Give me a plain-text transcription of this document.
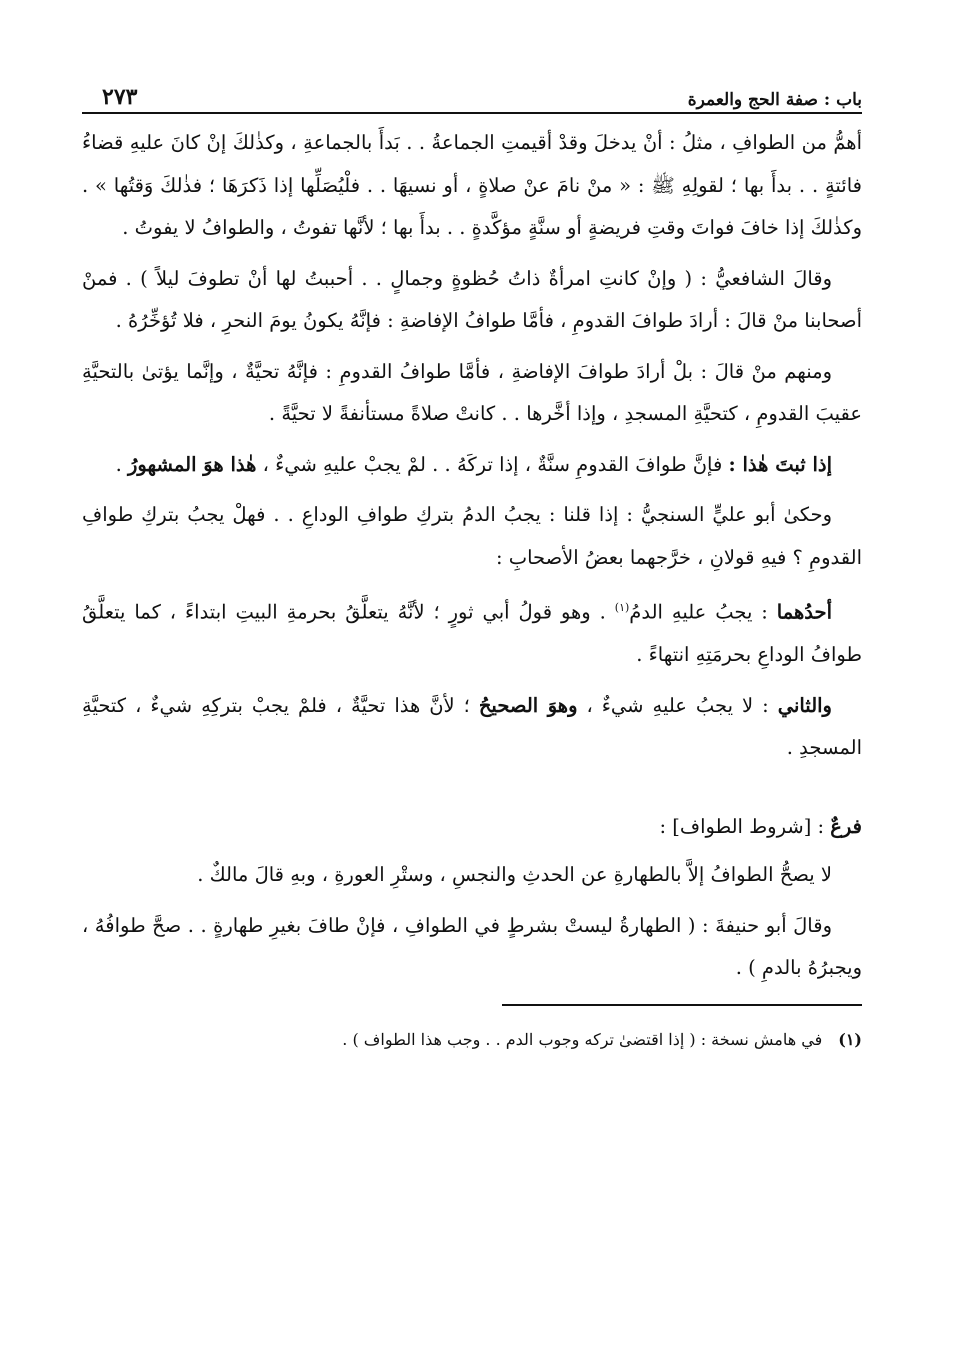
باب : صفة الحج والعمرة
٢٧٣

أهمُّ من الطوافِ ، مثلُ : أنْ يدخلَ وقدْ أقيمتِ الجماعةُ . . بَدأَ بالجماعةِ ، وكذٰلكَ إنْ كانَ عليهِ قضاءُ فائتةٍ . . بدأَ بها ؛ لقولِهِ ﷺ : « منْ نامَ عنْ صلاةٍ ، أو نسيهَا . . فلْيُصَلِّها إذا ذَكرَهَا ؛ فذٰلكَ وَقتُها » . وكذٰلكَ إذا خافَ فواتَ وقتِ فريضةٍ أو سنَّةٍ مؤكَّدةٍ . . بدأَ بها ؛ لأنَّها تفوتُ ، والطوافُ لا يفوتُ .

وقالَ الشافعيُّ : ( وإنْ كانتِ امرأةٌ ذاتُ حُظوةٍ وجمالٍ . . أحببتُ لها أنْ تطوفَ ليلاً ) . فمنْ أصحابنا منْ قالَ : أرادَ طوافَ القدومِ ، فأمَّا طوافُ الإفاضةِ : فإنَّهُ يكونُ يومَ النحرِ ، فلا تُؤخِّرُهُ .

ومنهم منْ قالَ : بلْ أرادَ طوافَ الإفاضةِ ، فأمَّا طوافُ القدومِ : فإنَّهُ تحيَّةٌ ، وإنَّما يؤتىٰ بالتحيَّةِ عقيبَ القدومِ ، كتحيَّةِ المسجدِ ، وإذا أخَّرها . . كانتْ صلاةً مستأنفةً لا تحيَّةً .

إذا ثبتَ هٰذا : فإنَّ طوافَ القدومِ سنَّةٌ ، إذا تركَهُ . . لمْ يجبْ عليهِ شيءٌ ، هٰذا هوَ المشهورُ .

وحكىٰ أبو عليٍّ السنجيُّ : إذا قلنا : يجبُ الدمُ بتركِ طوافِ الوداعِ . . فهلْ يجبُ بتركِ طوافِ القدومِ ؟ فيهِ قولانِ ، خرَّجهما بعضُ الأصحابِ :

أحدُهما : يجبُ عليهِ الدمُ$^{(١)}$ . وهو قولُ أبي ثورٍ ؛ لأنَّهُ يتعلَّقُ بحرمةِ البيتِ ابتداءً ، كما يتعلَّقُ طوافُ الوداعِ بحرمَتِهِ انتهاءً .

والثاني : لا يجبُ عليهِ شيءٌ ، وهوَ الصحيحُ ؛ لأنَّ هذا تحيَّةٌ ، فلمْ يجبْ بتركِهِ شيءٌ ، كتحيَّةِ المسجدِ .

فرعٌ : [شروط الطواف] :

لا يصحُّ الطوافُ إلاَّ بالطهارةِ عن الحدثِ والنجسِ ، وستْرِ العورةِ ، وبهِ قالَ مالكٌ .

وقالَ أبو حنيفةَ : ( الطهارةُ ليستْ بشرطٍ في الطوافِ ، فإنْ طافَ بغيرِ طهارةٍ . . صحَّ طوافُهُ ، ويجبرُهُ بالدمِ ) .

(١)في هامش نسخة : ( إذا اقتضىٰ تركه وجوب الدم . . وجب هذا الطواف ) .
